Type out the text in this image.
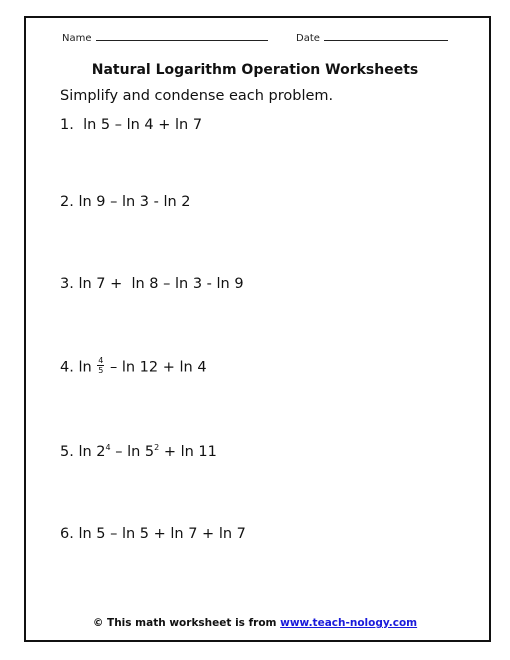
Name	Date
Natural Logarithm Operation Worksheets
Simplify and condense each problem.
1. ln 5 – ln 4 + ln 7
2. ln 9 – ln 3 - ln 2
3. ln 7 +  ln 8 – ln 3 - ln 9
4. $\ln \frac{4}{5} - \ln 12 + \ln 4$
5. $\ln 2^4 - \ln 5^2 + \ln 11$
6. ln 5 – ln 5 + ln 7 + ln 7
© This math worksheet is from www.teach-nology.com
